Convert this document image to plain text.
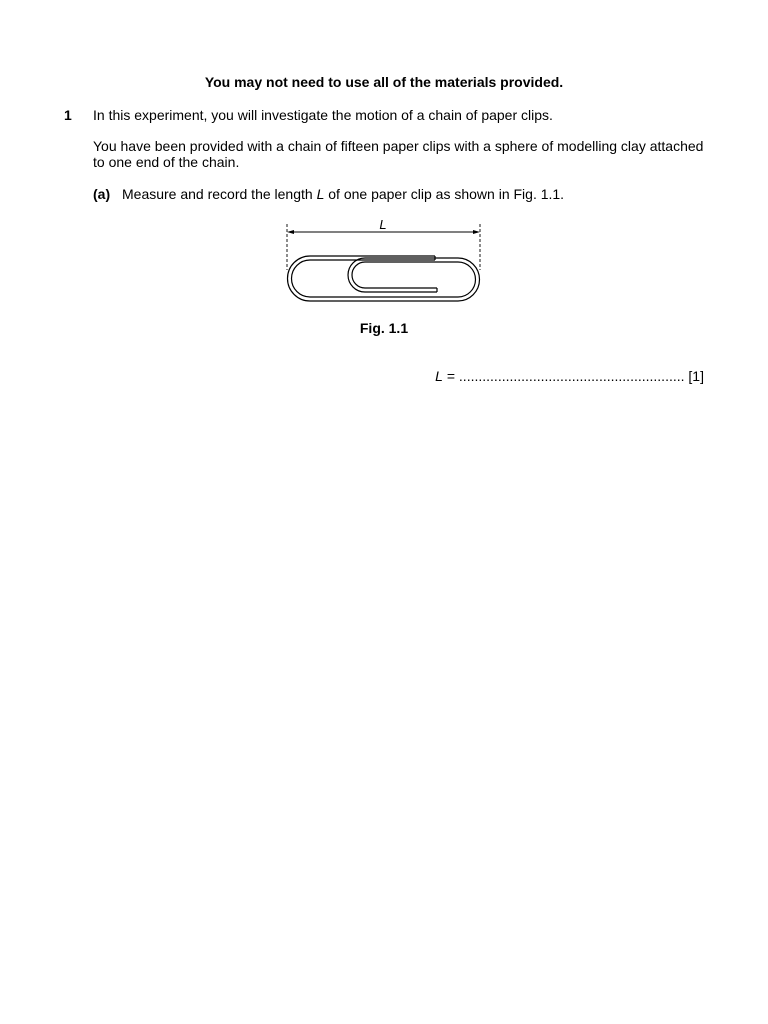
You may not need to use all of the materials provided.

1 In this experiment, you will investigate the motion of a chain of paper clips.

You have been provided with a chain of fifteen paper clips with a sphere of modelling clay attached to one end of the chain.

(a) Measure and record the length L of one paper clip as shown in Fig. 1.1.
L

Fig. 1.1

L = .......................................................... [1]
